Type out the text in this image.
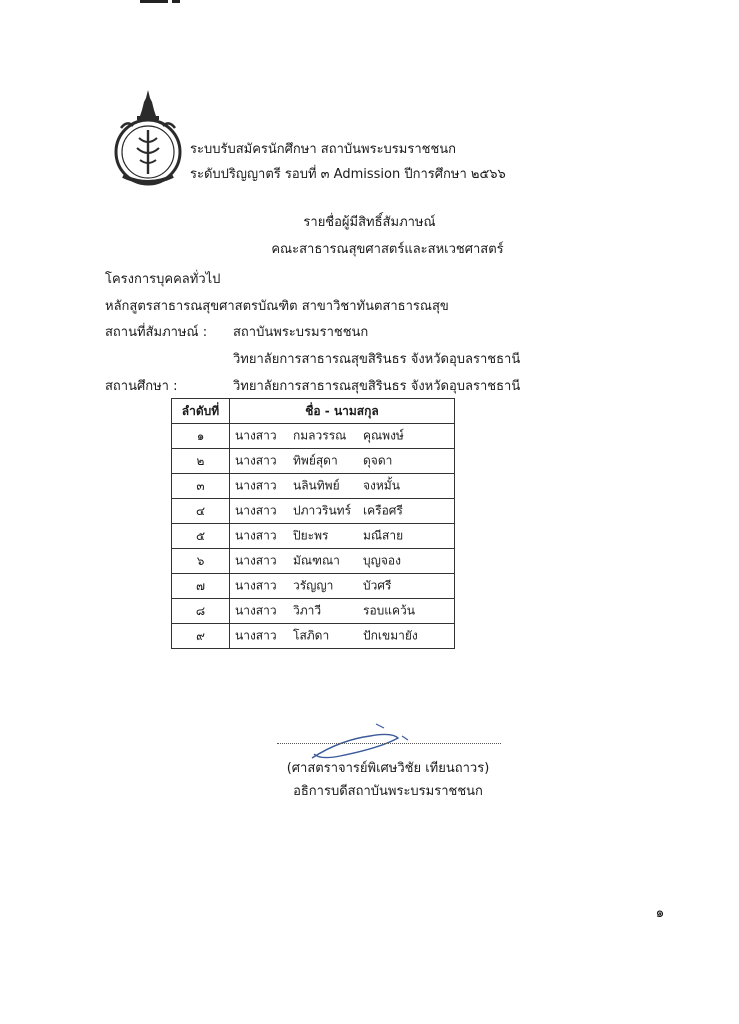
ระบบรับสมัครนักศึกษา สถาบันพระบรมราชชนก
ระดับปริญญาตรี รอบที่ ๓ Admission ปีการศึกษา ๒๕๖๖
รายชื่อผู้มีสิทธิ์สัมภาษณ์
คณะสาธารณสุขศาสตร์และสหเวชศาสตร์
โครงการบุคคลทั่วไป
หลักสูตรสาธารณสุขศาสตรบัณฑิต สาขาวิชาทันตสาธารณสุข
สถานที่สัมภาษณ์ : สถาบันพระบรมราชชนก
วิทยาลัยการสาธารณสุขสิรินธร จังหวัดอุบลราชธานี
สถานศึกษา :	วิทยาลัยการสาธารณสุขสิรินธร จังหวัดอุบลราชธานี
ลำดับที่	ชื่อ - นามสกุล
๑	นางสาว กมลวรรณ คุณพงษ์

๒	นางสาว ทิพย์สุดา ดุจดา

๓	นางสาว นลินทิพย์ จงหมั้น

๔	นางสาว ปภาวรินทร์ เครือศรี

๕	นางสาว ปิยะพร มณีสาย

๖	นางสาว มัณฑณา บุญจอง

๗	นางสาว วรัญญา บัวศรี

๘	นางสาว วิภาวี รอบแคว้น

๙	นางสาว โสภิดา ปักเขมายัง
(ศาสตราจารย์พิเศษวิชัย เทียนถาวร)
อธิการบดีสถาบันพระบรมราชชนก
๑
